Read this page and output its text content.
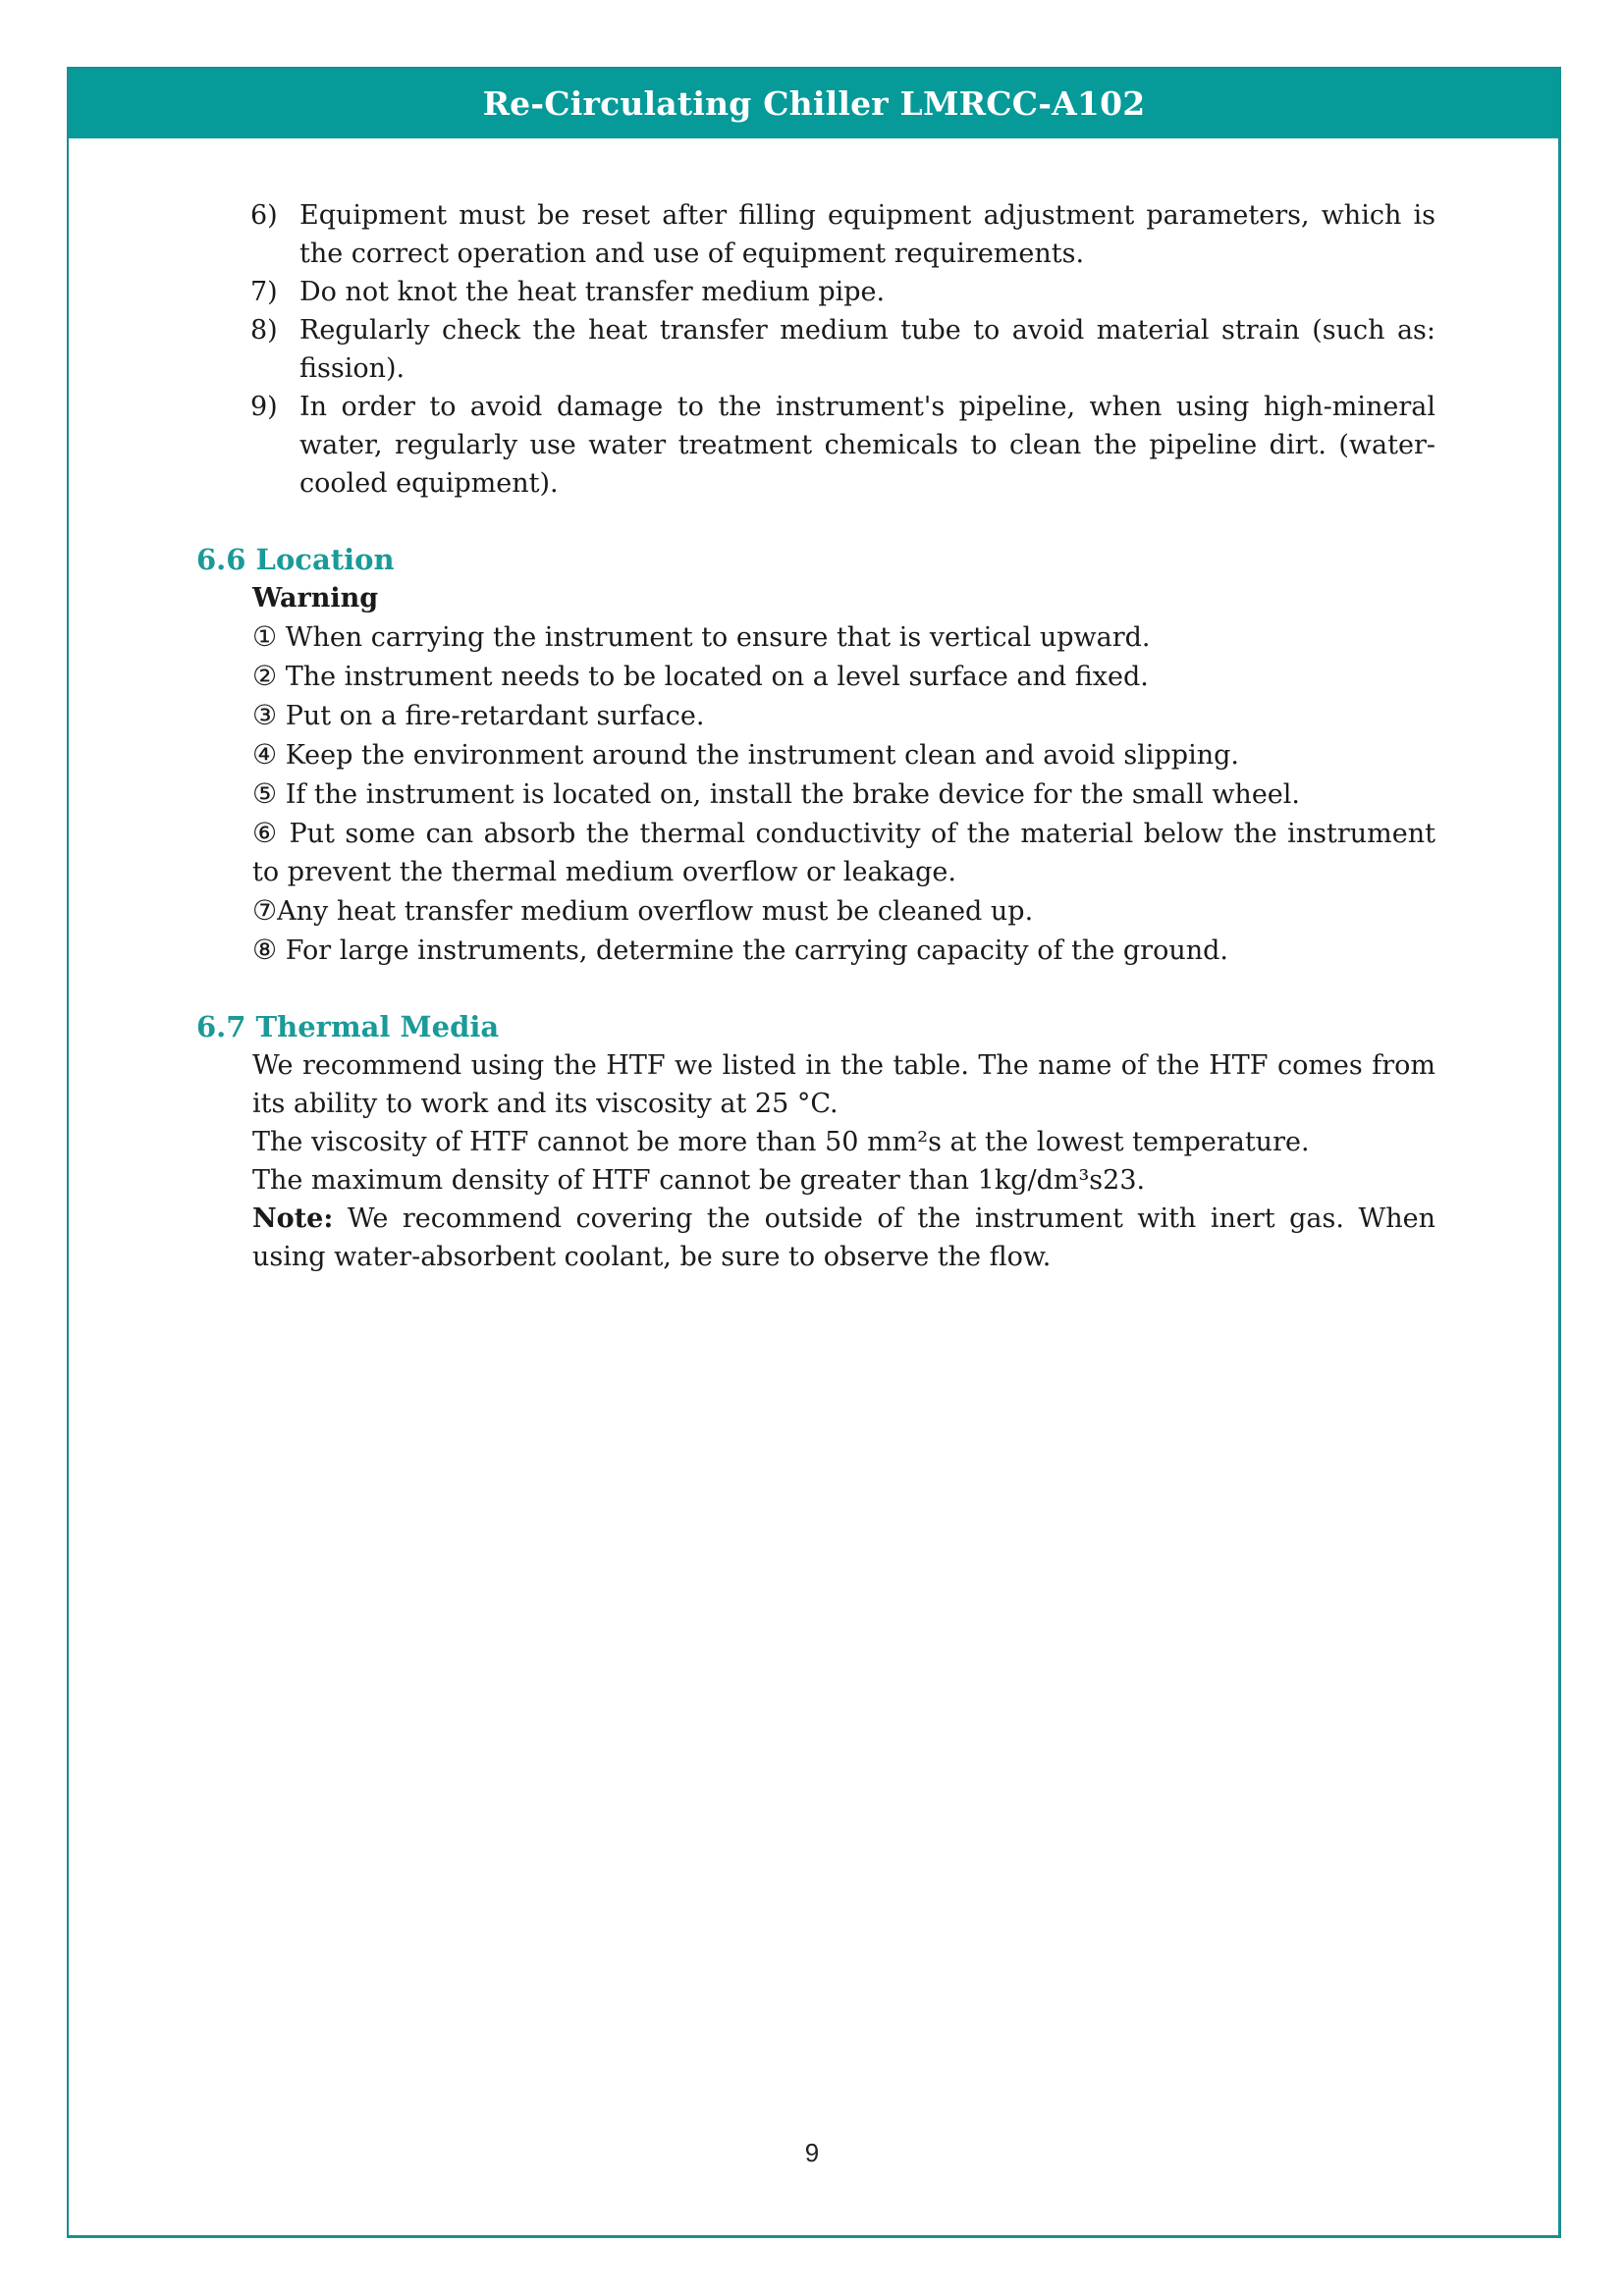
Re-Circulating Chiller LMRCC-A102
6) Equipment must be reset after filling equipment adjustment parameters, which is the correct operation and use of equipment requirements.
7) Do not knot the heat transfer medium pipe.
8) Regularly check the heat transfer medium tube to avoid material strain (such as: fission).
9) In order to avoid damage to the instrument's pipeline, when using high-mineral water, regularly use water treatment chemicals to clean the pipeline dirt. (water-cooled equipment).
6.6 Location
Warning
① When carrying the instrument to ensure that is vertical upward.
② The instrument needs to be located on a level surface and fixed.
③ Put on a fire-retardant surface.
④ Keep the environment around the instrument clean and avoid slipping.
⑤ If the instrument is located on, install the brake device for the small wheel.
⑥ Put some can absorb the thermal conductivity of the material below the instrument to prevent the thermal medium overflow or leakage.
⑦Any heat transfer medium overflow must be cleaned up.
⑧ For large instruments, determine the carrying capacity of the ground.
6.7 Thermal Media
We recommend using the HTF we listed in the table. The name of the HTF comes from its ability to work and its viscosity at 25 °C.
The viscosity of HTF cannot be more than 50 mm²s at the lowest temperature.
The maximum density of HTF cannot be greater than 1kg/dm³s23.
Note: We recommend covering the outside of the instrument with inert gas. When using water-absorbent coolant, be sure to observe the flow.
9
